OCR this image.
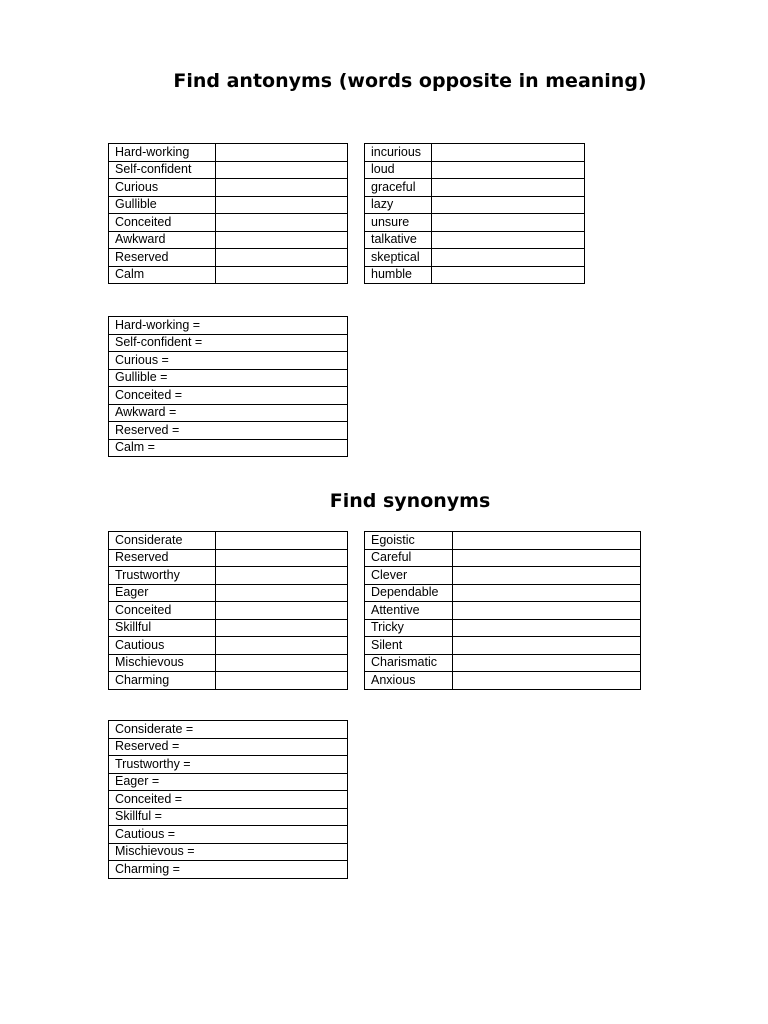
Find antonyms (words opposite in meaning)
Hard-working	
Self-confident	
Curious	
Gullible	
Conceited	
Awkward	
Reserved	
Calm	
incurious	
loud	
graceful	
lazy	
unsure	
talkative	
skeptical	
humble	
Hard-working =
Self-confident =
Curious =
Gullible =
Conceited =
Awkward =
Reserved =
Calm =
Find synonyms
Considerate	
Reserved	
Trustworthy	
Eager	
Conceited	
Skillful	
Cautious	
Mischievous	
Charming	
Egoistic	
Careful	
Clever	
Dependable	
Attentive	
Tricky	
Silent	
Charismatic	
Anxious	
Considerate =
Reserved =
Trustworthy =
Eager =
Conceited =
Skillful =
Cautious =
Mischievous =
Charming =
